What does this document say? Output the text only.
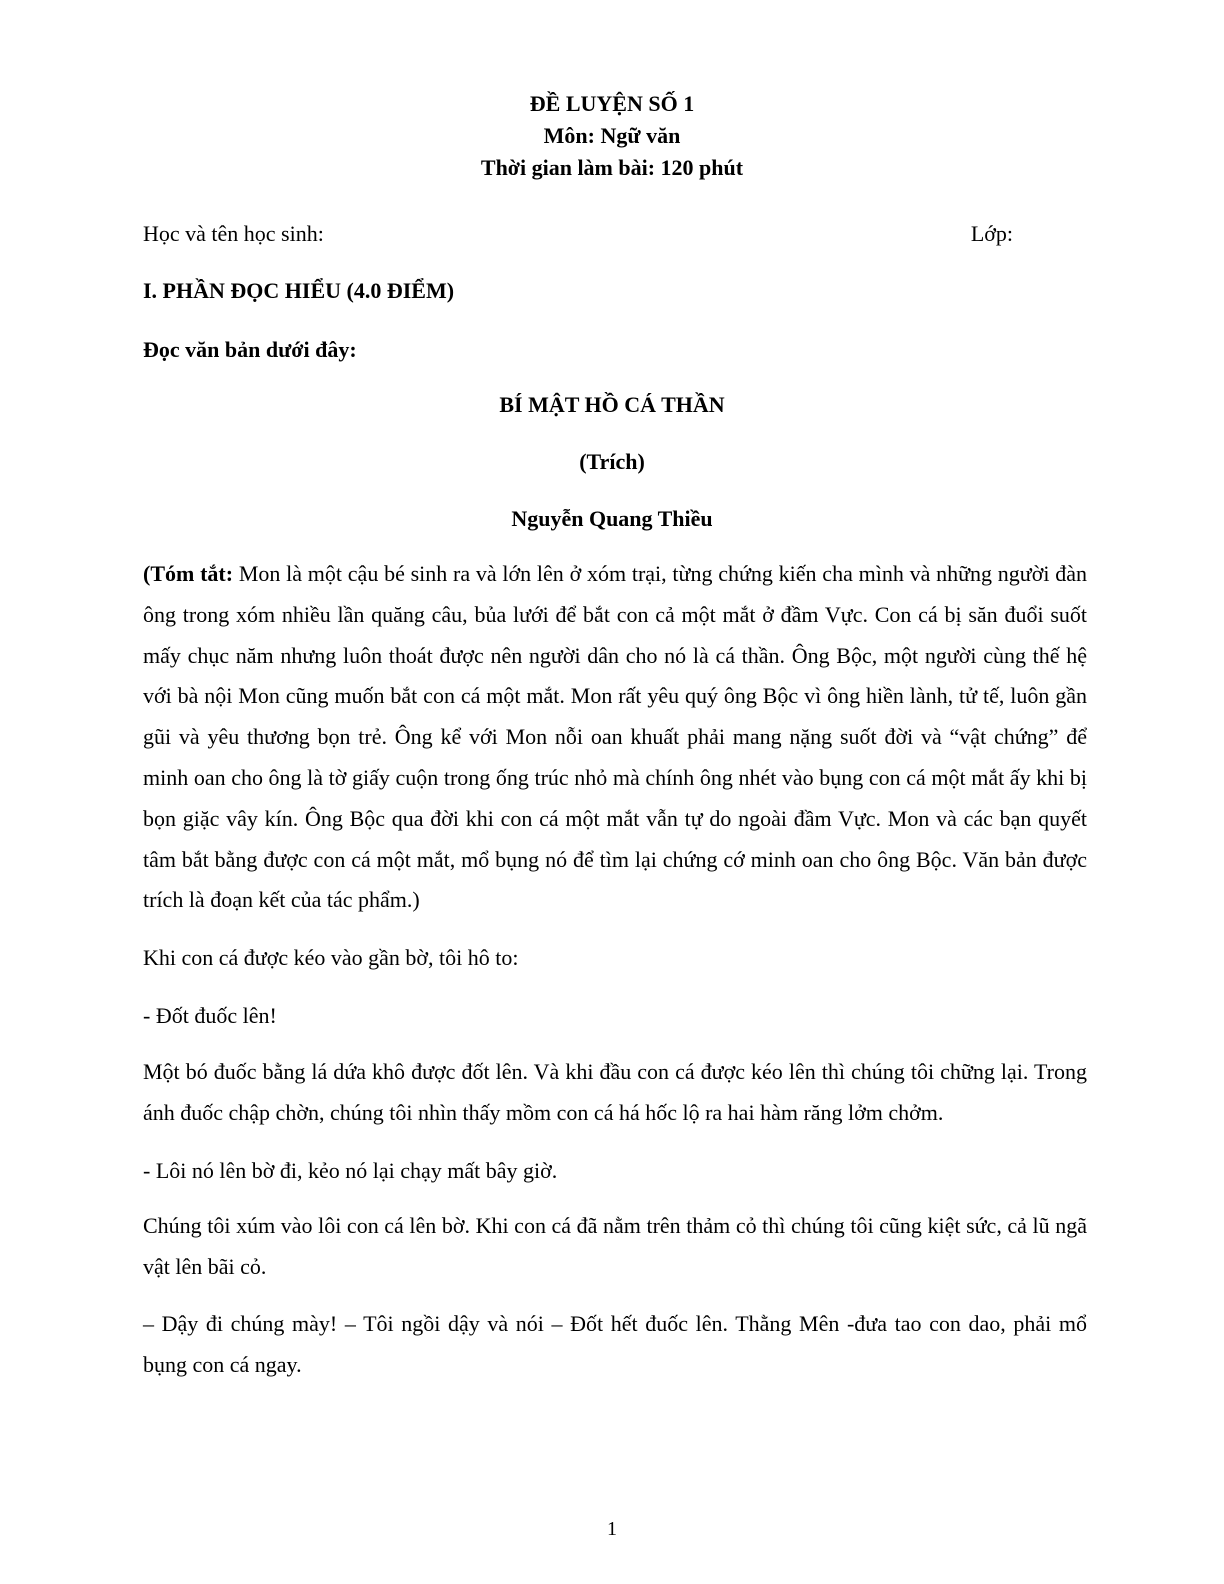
ĐỀ LUYỆN SỐ 1
Môn: Ngữ văn
Thời gian làm bài: 120 phút
Học và tên học sinh:	Lớp:
I. PHẦN ĐỌC HIỂU (4.0 ĐIỂM)
Đọc văn bản dưới đây:
BÍ MẬT HỒ CÁ THẦN
(Trích)
Nguyễn Quang Thiều
(Tóm tắt: Mon là một cậu bé sinh ra và lớn lên ở xóm trại, từng chứng kiến cha mình và những người đàn ông trong xóm nhiều lần quăng câu, bủa lưới để bắt con cả một mắt ở đầm Vực. Con cá bị săn đuổi suốt mấy chục năm nhưng luôn thoát được nên người dân cho nó là cá thần. Ông Bộc, một người cùng thế hệ với bà nội Mon cũng muốn bắt con cá một mắt. Mon rất yêu quý ông Bộc vì ông hiền lành, tử tế, luôn gần gũi và yêu thương bọn trẻ. Ông kể với Mon nỗi oan khuất phải mang nặng suốt đời và “vật chứng” để minh oan cho ông là tờ giấy cuộn trong ống trúc nhỏ mà chính ông nhét vào bụng con cá một mắt ấy khi bị bọn giặc vây kín. Ông Bộc qua đời khi con cá một mắt vẫn tự do ngoài đầm Vực. Mon và các bạn quyết tâm bắt bằng được con cá một mắt, mổ bụng nó để tìm lại chứng cớ minh oan cho ông Bộc. Văn bản được trích là đoạn kết của tác phẩm.)
Khi con cá được kéo vào gần bờ, tôi hô to:
- Đốt đuốc lên!
Một bó đuốc bằng lá dứa khô được đốt lên. Và khi đầu con cá được kéo lên thì chúng tôi chững lại. Trong ánh đuốc chập chờn, chúng tôi nhìn thấy mồm con cá há hốc lộ ra hai hàm răng lởm chởm.
- Lôi nó lên bờ đi, kẻo nó lại chạy mất bây giờ.
Chúng tôi xúm vào lôi con cá lên bờ. Khi con cá đã nằm trên thảm cỏ thì chúng tôi cũng kiệt sức, cả lũ ngã vật lên bãi cỏ.
– Dậy đi chúng mày! – Tôi ngồi dậy và nói – Đốt hết đuốc lên. Thằng Mên -đưa tao con dao, phải mổ bụng con cá ngay.
1
